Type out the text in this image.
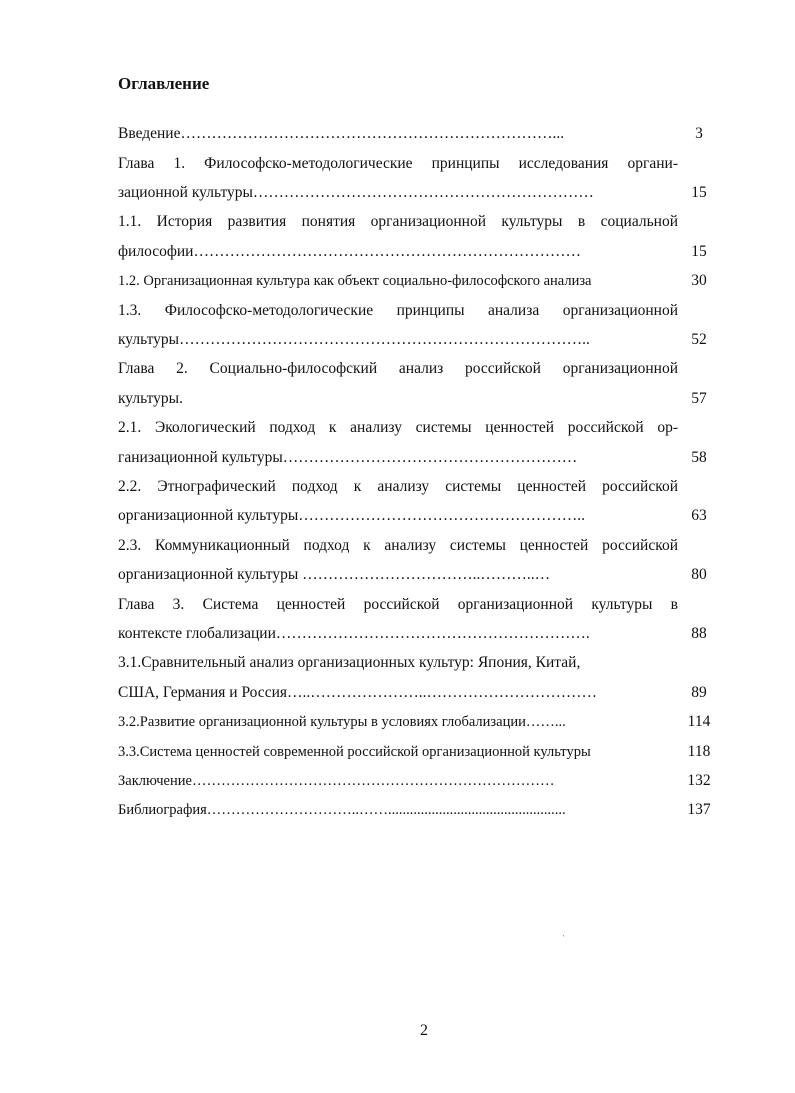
Оглавление
Введение………………………………………………………………...	3
Глава 1. Философско-методологические принципы исследования органи-
зационной культуры…………………………………………………………	15
1.1. История развития понятия организационной культуры в социальной
философии…………………………………………………………………	15
1.2. Организационная культура как объект социально-философского анализа	30
1.3. Философско-методологические принципы анализа организационной
культуры……………………………………………………………………..	52
Глава 2. Социально-философский анализ российской организационной
культуры.	57
2.1. Экологический подход к анализу системы ценностей российской ор-
ганизационной культуры…………………………………………………	58
2.2. Этнографический подход к анализу системы ценностей российской
организационной культуры………………………………………………..	63
2.3. Коммуникационный подход к анализу системы ценностей российской
организационной культуры ……………………………..………..…	80
Глава 3. Система ценностей российской организационной культуры в
контексте глобализации…………………………………………………….	88
3.1.Сравнительный анализ организационных культур: Япония, Китай,
США, Германия и Россия…..…………………..……………………………	89
3.2.Развитие организационной культуры в условиях глобализации……...	114
3.3.Система ценностей современной российской организационной культуры	118
Заключение…………………………………………………………………	132
Библиография…………………………..…….................................................	137
ˌ
2
